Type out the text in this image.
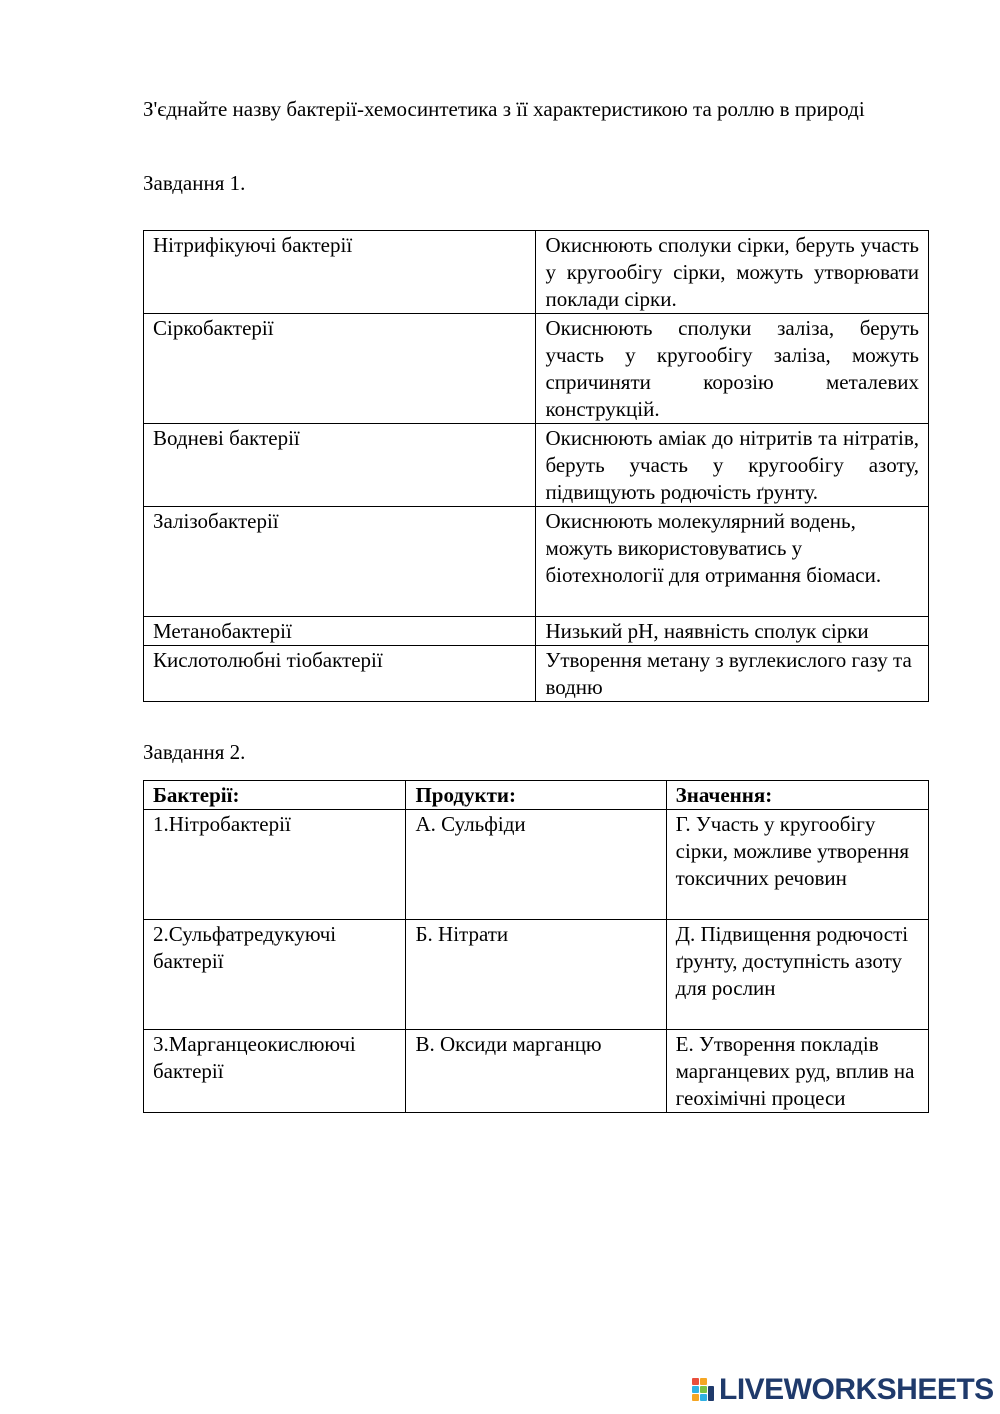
З'єднайте назву бактерії-хемосинтетика з її характеристикою та роллю в природі
Завдання 1.
Нітрифікуючі бактерії	Окиснюють сполуки сірки, беруть участь у кругообігу сірки, можуть утворювати поклади сірки.
Сіркобактерії	Окиснюють сполуки заліза, беруть участь у кругообігу заліза, можуть спричиняти корозію металевих конструкцій.
Водневі бактерії	Окиснюють аміак до нітритів та нітратів, беруть участь у кругообігу азоту, підвищують родючість ґрунту.
Залізобактерії	Окиснюють молекулярний водень, можуть використовуватись у біотехнології для отримання біомаси.
Метанобактерії	Низький pH, наявність сполук сірки
Кислотолюбні тіобактерії	Утворення метану з вуглекислого газу та водню
Завдання 2.
Бактерії:	Продукти:	Значення:
1.Нітробактерії	А. Сульфіди	Г. Участь у кругообігу сірки, можливе утворення токсичних речовин
2.Сульфатредукуючі бактерії	Б. Нітрати	Д. Підвищення родючості ґрунту, доступність азоту для рослин
3.Марганцеокислюючі бактерії	В. Оксиди марганцю	Е. Утворення покладів марганцевих руд, вплив на геохімічні процеси
LIVEWORKSHEETS
